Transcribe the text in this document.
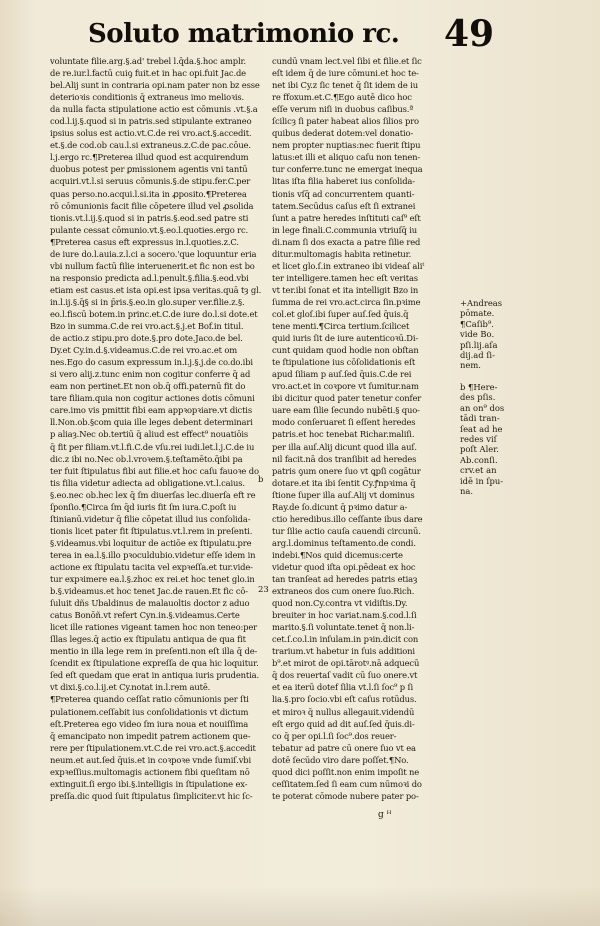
Soluto matrimonio rc.	49
voluntate filie.arg.§.ad' trebel l.q̄da.§.hoc amplr.
de re.iur.l.factū cuiꝯ fuit.et in hac opi.fuit Jac.de
bel.Alij sunt in contraria opi.nam pater non bz esse
deterioꝛis conditionis q̄ extraneus imo melioꝛis.
da nulla facta stipulatione actio est cōmunis .vt.§.a
cod.l.ij.§.quod si in patris.sed stipulante extraneo
ipsius solus est actio.vt.C.de rei vro.act.§.accedit.
et.§.de cod.ob cau.l.si extraneus.z.C.de pac.cōue.
l.j.ergo rc.¶Preterea illud quod est acquirendum
duobus potest per ꝑmissionem agentis vni tantū
acquiri.vt.l.si seruus cōmunis.§.de stipu.fer.C.per
quas perso.no.acqui.l.si.ita in ꝓposito.¶Preterea
rō cōmunionis facit filie cōpetere illud vel ꝓsolida
tionis.vt.l.ij.§.quod si in patris.§.eod.sed patre sti
pulante cessat cōmunio.vt.§.eo.l.quoties.ergo rc.
¶Preterea casus eft expressus in.l.quoties.z.C.
de iure do.l.auia.z.l.ci a socero.'que loquuntur eria
vbi nullum factū filie interuenerit.et fic non est bo
na responsio predicta ad.l.penult.§.filia.§.eod.vbi
etiam est casus.et ista opi.est ipsa veritas.quā tȝ gl.
in.l.ij.§.q̄§ si in p̄ris.§.eo.in glo.super ver.filie.z.§.
eo.l.fiscū botem.in princ.et.C.de iure do.l.si dote.et
Bzo in summa.C.de rei vro.act.§.j.et Bof.in titul.
de actio.z stipu.pro dote.§.pro dote.Jaco.de bel.
Dy.et Cy.in.d.§.videamus.C.de rei vro.ac.et om
nes.Ego do casum expressum in.l.j.§.j.de co.do.ibi
si vero alij.z.tunc enim non cogitur conferre q̄ ad
eam non pertinet.Et non ob.q̄ offi.paternū fit do
tare filiam.quia non cogitur actiones dotis cōmuni
care.imo vis pmittit fibi eam appꝛopꝛiare.vt dictis
ll.Non.ob.§com quia ille leges debent determinari
p aliaȝ.Nec ob.tertiū q̄ aliud est effect⁹ nouatiōis
q̄ fit per filiam.vt.l.fi.C.de vſu.rei iudi.let.l.j.C.de iu
dic.z ibi no.Nec ob.l.vroꝛem.§.teſtamēto.q̄ibi pa
ter fuit ſtipulatus fibi aut filie.et hoc caſu fauoꝛe do
tis filia videtur adiecta ad obligatione.vt.l.caius.
§.eo.nec ob.hec lex q̄ ſm diuerſas lec.diuerſa eft re
ſponſio.¶Circa ſm q̄d iuris fit ſm iura.C.poſt iu
ſtinianū.videtur q̄ filie cōpetat illud ius conſolida-
tionis licet pater fit ſtipulatus.vt.l.rem in preſenti.
§.videamus.vbi loquitur de actiōe ex ſtipulatu.pre
terea in ea.l.§.illo pꝛoculdubio.videtur eſſe idem in
actione ex ſtipulatu tacita vel expꝛeſſa.et tur.vide-
tur expꝛimere ea.l.§.zhoc ex rei.et hoc tenet glo.in
b.§.videamus.et hoc tenet Jac.de rauen.Et fic cō-
ſuluit dñs Ubaldinus de malauoltis doctor z aduo
catus Bonōñ.vt refert Cyn.in.§.videamus.Certe
licet ille rationes vigeant tamen hoc non teneo:per
ſllas leges.q̄ actio ex ſtipulatu antiqua de qua fit
mentio in illa lege rem in preſenti.non eſt illa q̄ de-
ſcendit ex ſtipulatione expreſſa de qua hic loquitur.
ſed eſt quedam que erat in antiqua iuris prudentia.
vt dixi.§.co.l.ij.et Cy.notat in.l.rem autē.
¶Preterea quando ceſſat ratio cōmunionis per ſti
pulationem.ceſſabit ius conſolidationis vt dictum
eſt.Preterea ego video ſm iura noua et nouiſſima
q̄ emancipato non impedit patrem actionem que-
rere per ſtipulationem.vt.C.de rei vro.act.§.accedit
neum.et aut.ſed q̄uis.et in coꝛpoꝛe vnde ſumiſ.vbi
expꝛeſſius.multomagis actionem fibi queſitam nō
extinguit.ſi ergo ibi.§.intelligis in ſtipulatione ex-
preſſa.dic quod ſuit ſtipulatus ſimpliciter.vt hic ſc-
cundū vnam lect.vel ſibi et filie.et ſic
eſt idem q̄ de iure cōmuni.et hoc te-
net ibi Cy.z ſic tenet q̄ ſit idem de iu
re ffoxum.et.C.¶Ego autē dico hoc
eſſe verum niſi in duobus caſibus.ª
ſcilicȝ ſi pater habeat alios ſilios pro
quibus dederat dotem:vel donatio-
nem propter nuptias:nec fuerit ſtipu
latus:et illi et aliquo caſu non tenen-
tur conferre.tunc ne emergat inequa
litas iſta filia haberet ius conſolida-
tionis vſq̄ ad concurrentem quanti-
tatem.Secūdus caſus eſt ſi extranei
ſunt a patre heredes inſtituti caſ⁹ eſt
in lege finali.C.communia vtriuſq̄ iu
di.nam ſi dos exacta a patre ſilie red
ditur.multomagis habita retinetur.
et licet glo.ſ.in extraneo ibi videaſ aliᵗ
ter intelligere.tamen hec eſt veritas
vt ter.ibi ſonat et ita intelligit Bzo in
ſumma de rei vro.act.circa ſin.pꝛime
col.et gloſ.ibi ſuper auſ.ſed q̄uis.q̄
tene menti.¶Circa tertium.ſcilicet
quid iuris ſit de iure autenticoꝛū.Di-
cunt quidam quod hodie non obſtan
te ſtipulatione ius cōſolidationis eſt
apud ſiliam p auſ.ſed q̄uis.C.de rei
vro.act.et in coꝛpore vt ſumitur.nam
ibi dicitur quod pater tenetur confer
uare eam ſilie ſecundo nubēti.§ quo-
modo conſeruaret ſi eſſent heredes
patris.et hoc tenebat Richar.maliſi.
per illa auſ.Alij dicunt quod illa auſ.
nil facit.nā dos tranſibit ad heredes
patris ꝯum onere ſuo vt ꝗpſi cogātur
dotare.et ita ibi ſentit Cy.ꝭnpꝛima q̄
ſtione ſuper illa auſ.Alij vt dominus
Ray.de ſo.dicunt q̄ pꝛimo datur a-
ctio heredibus.illo ceſſante ibus dare
tur ſilie actio cauſa cauendi circunū.
arg.l.dominus teſtamento.de condi.
indebi.¶Nos quid dicemus:certe
videtur quod iſta opi.pēdeat ex hoc
tan tranſeat ad heredes patris etiaȝ
extraneos dos cum onere ſuo.Rich.
quod non.Cy.contra vt vidiſtis.Dy.
breuiter in hoc variat.nam.§.cod.l.ſi
marito.§.ſi voluntate.tenet q̄ non.li-
cet.ſ.co.l.in inſulam.in pꝛin.dicit con
trarium.vt habetur in ſuis additioni
b⁹.et mirot de opi.tārotꝰ.nā adquecū
q̄ dos reuertaſ vadit cū ſuo onere.vt
et ea iterū dotef ſilia vt.l.ſi ſoc⁹ p ſi
lia.§.pro ſocio.vbi eſt caſus rotūdus.
et miroꝛ q̄ nullus allegauit.videndū
eſt ergo quid ad dit auſ.ſed q̄uis.di-
co q̄ per opi.l.ſi ſoc⁹.dos reuer-
tebatur ad patre cū onere ſuo vt ea
dotē ſecūdo viro dare poſſet.¶No.
quod dici poſſit.non enim impoſit ne
ceſſitatem.ſed ſi eam cum nūmoꝛi do
te poterat cōmode nubere pater po-
b
23
+Andreas
pōmate.
¶Caſib⁹.
vide Bo.
pſi.lij.aſa
dij.ad ſi-
nem.
b ¶Here-
des pſis.
an on⁹ dos
tādi tran-
ſeat ad he
redes viſ
poſt Aler.
Ab.conſi.
crv.et an
idē in ſpu-
na.
g ᴴ
